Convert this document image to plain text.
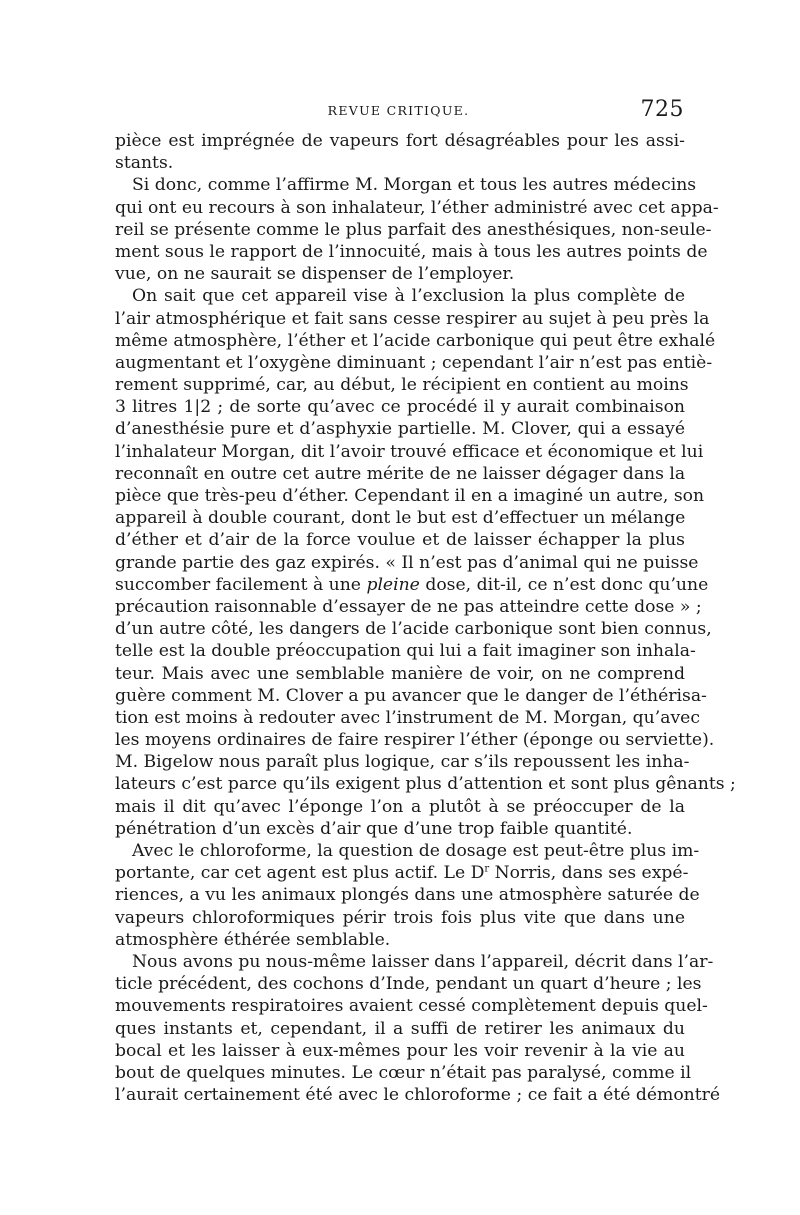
REVUE CRITIQUE.	725
pièce est imprégnée de vapeurs fort désagréables pour les assi-
stants.
Si donc, comme l’affirme M. Morgan et tous les autres médecins
qui ont eu recours à son inhalateur, l’éther administré avec cet appa-
reil se présente comme le plus parfait des anesthésiques, non-seule-
ment sous le rapport de l’innocuité, mais à tous les autres points de
vue, on ne saurait se dispenser de l’employer.
On sait que cet appareil vise à l’exclusion la plus complète de
l’air atmosphérique et fait sans cesse respirer au sujet à peu près la
même atmosphère, l’éther et l’acide carbonique qui peut être exhalé
augmentant et l’oxygène diminuant ; cependant l’air n’est pas entiè-
rement supprimé, car, au début, le récipient en contient au moins
3 litres 1|2 ; de sorte qu’avec ce procédé il y aurait combinaison
d’anesthésie pure et d’asphyxie partielle. M. Clover, qui a essayé
l’inhalateur Morgan, dit l’avoir trouvé efficace et économique et lui
reconnaît en outre cet autre mérite de ne laisser dégager dans la
pièce que très-peu d’éther. Cependant il en a imaginé un autre, son
appareil à double courant, dont le but est d’effectuer un mélange
d’éther et d’air de la force voulue et de laisser échapper la plus
grande partie des gaz expirés. « Il n’est pas d’animal qui ne puisse
succomber facilement à une pleine dose, dit-il, ce n’est donc qu’une
précaution raisonnable d’essayer de ne pas atteindre cette dose » ;
d’un autre côté, les dangers de l’acide carbonique sont bien connus,
telle est la double préoccupation qui lui a fait imaginer son inhala-
teur. Mais avec une semblable manière de voir, on ne comprend
guère comment M. Clover a pu avancer que le danger de l’éthérisa-
tion est moins à redouter avec l’instrument de M. Morgan, qu’avec
les moyens ordinaires de faire respirer l’éther (éponge ou serviette).
M. Bigelow nous paraît plus logique, car s’ils repoussent les inha-
lateurs c’est parce qu’ils exigent plus d’attention et sont plus gênants ;
mais il dit qu’avec l’éponge l’on a plutôt à se préoccuper de la
pénétration d’un excès d’air que d’une trop faible quantité.
Avec le chloroforme, la question de dosage est peut-être plus im-
portante, car cet agent est plus actif. Le $D^r$ Norris, dans ses expé-
riences, a vu les animaux plongés dans une atmosphère saturée de
vapeurs chloroformiques périr trois fois plus vite que dans une
atmosphère éthérée semblable.
Nous avons pu nous-même laisser dans l’appareil, décrit dans l’ar-
ticle précédent, des cochons d’Inde, pendant un quart d’heure ; les
mouvements respiratoires avaient cessé complètement depuis quel-
ques instants et, cependant, il a suffi de retirer les animaux du
bocal et les laisser à eux-mêmes pour les voir revenir à la vie au
bout de quelques minutes. Le cœur n’était pas paralysé, comme il
l’aurait certainement été avec le chloroforme ; ce fait a été démontré
